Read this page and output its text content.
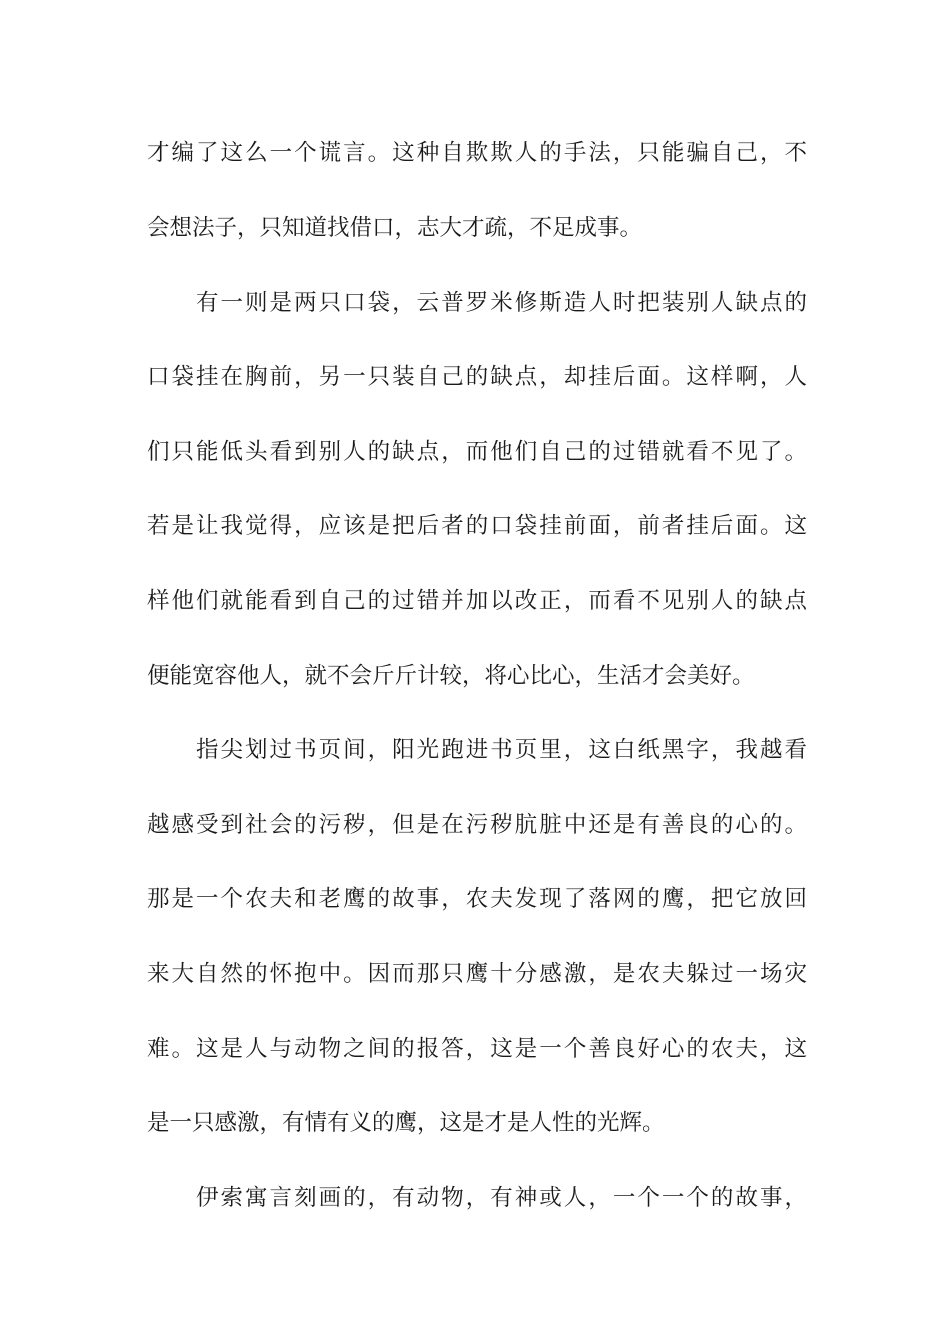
才编了这么一个谎言。这种自欺欺人的手法，只能骗自己，不
会想法子，只知道找借口，志大才疏，不足成事。
有一则是两只口袋，云普罗米修斯造人时把装别人缺点的
口袋挂在胸前，另一只装自己的缺点，却挂后面。这样啊，人
们只能低头看到别人的缺点，而他们自己的过错就看不见了。
若是让我觉得，应该是把后者的口袋挂前面，前者挂后面。这
样他们就能看到自己的过错并加以改正，而看不见别人的缺点
便能宽容他人，就不会斤斤计较，将心比心，生活才会美好。
指尖划过书页间，阳光跑进书页里，这白纸黑字，我越看
越感受到社会的污秽，但是在污秽肮脏中还是有善良的心的。
那是一个农夫和老鹰的故事，农夫发现了落网的鹰，把它放回
来大自然的怀抱中。因而那只鹰十分感激，是农夫躲过一场灾
难。这是人与动物之间的报答，这是一个善良好心的农夫，这
是一只感激，有情有义的鹰，这是才是人性的光辉。
伊索寓言刻画的，有动物，有神或人，一个一个的故事，
